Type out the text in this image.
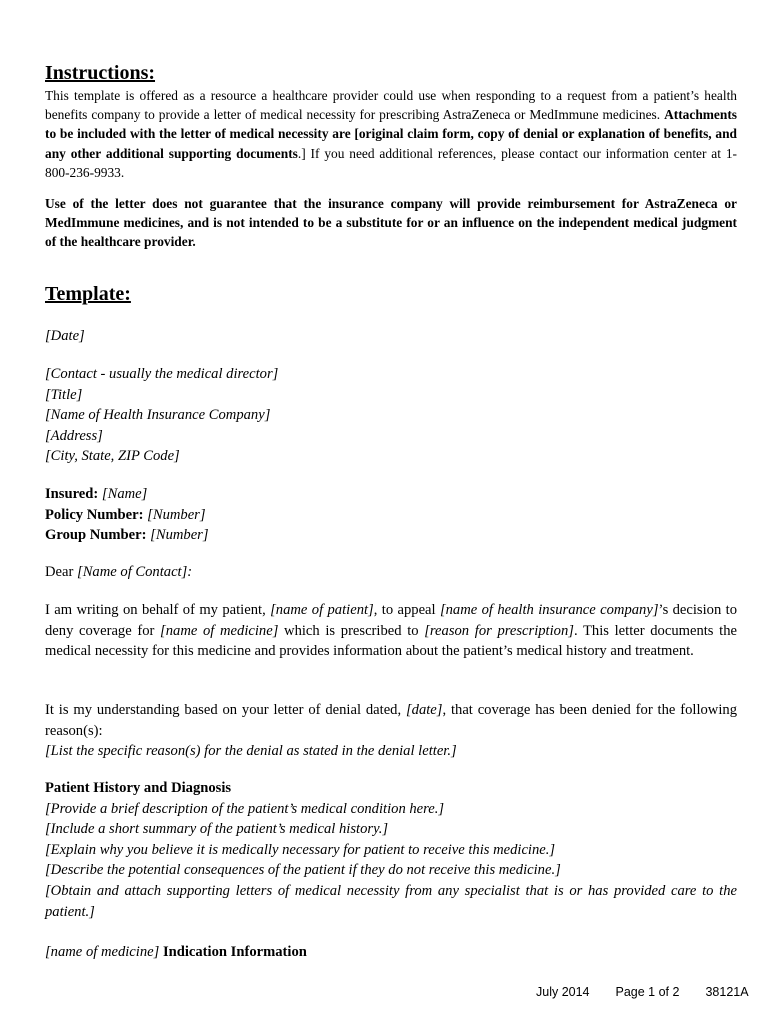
Instructions:

This template is offered as a resource a healthcare provider could use when responding to a request from a patient’s health benefits company to provide a letter of medical necessity for prescribing AstraZeneca or MedImmune medicines. Attachments to be included with the letter of medical necessity are [original claim form, copy of denial or explanation of benefits, and any other additional supporting documents.] If you need additional references, please contact our information center at 1-800-236-9933.

Use of the letter does not guarantee that the insurance company will provide reimbursement for AstraZeneca or MedImmune medicines, and is not intended to be a substitute for or an influence on the independent medical judgment of the healthcare provider.

Template:

[Date]

[Contact - usually the medical director]

[Title]

[Name of Health Insurance Company]

[Address]

[City, State, ZIP Code]

Insured: [Name]

Policy Number: [Number]

Group Number: [Number]

Dear [Name of Contact]:

I am writing on behalf of my patient, [name of patient], to appeal [name of health insurance company]’s decision to deny coverage for [name of medicine] which is prescribed to [reason for prescription]. This letter documents the medical necessity for this medicine and provides information about the patient’s medical history and treatment.

It is my understanding based on your letter of denial dated, [date], that coverage has been denied for the following reason(s):

[List the specific reason(s) for the denial as stated in the denial letter.]

Patient History and Diagnosis

[Provide a brief description of the patient’s medical condition here.]

[Include a short summary of the patient’s medical history.]

[Explain why you believe it is medically necessary for patient to receive this medicine.]

[Describe the potential consequences of the patient if they do not receive this medicine.]

[Obtain and attach supporting letters of medical necessity from any specialist that is or has provided care to the patient.]

[name of medicine] Indication Information

July 2014 Page 1 of 2 38121A
